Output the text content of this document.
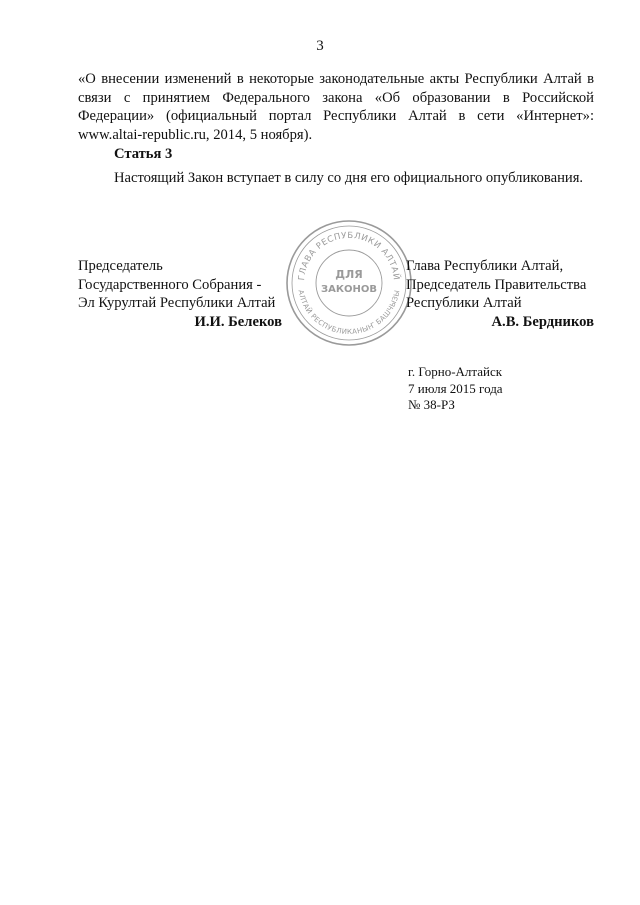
3

«О внесении изменений в некоторые законодательные акты Республики Алтай в связи с принятием Федерального закона «Об образовании в Российской Федерации» (официальный портал Республики Алтай в сети «Интернет»: www.altai-republic.ru, 2014, 5 ноября).

Статья 3

Настоящий Закон вступает в силу со дня его официального опубликования.

Председатель
Государственного Собрания -
Эл Курултай Республики Алтай
И.И. Белеков
ГЛАВА РЕСПУБЛИКИ АЛТАЙ
АЛТАЙ РЕСПУБЛИКАНЫҤ БАШЧЫЗЫ
ДЛЯ
ЗАКОНОВ
Глава Республики Алтай,
Председатель Правительства
Республики Алтай
А.В. Бердников
г. Горно-Алтайск
7 июля 2015 года
№ 38-РЗ
